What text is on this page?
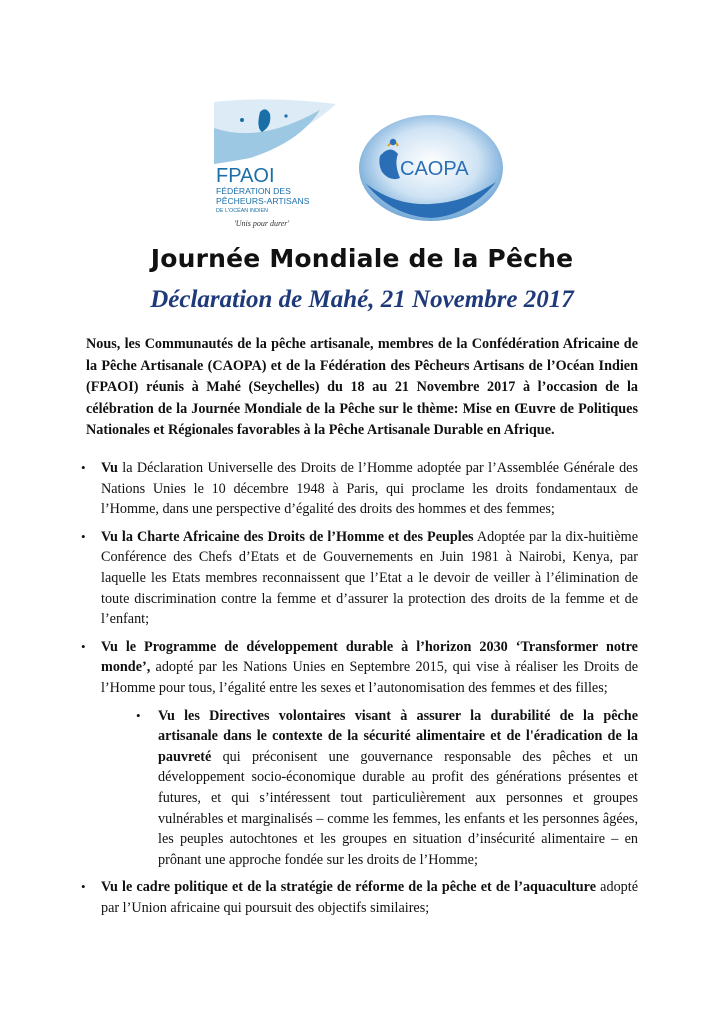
FPAOI
FÉDÉRATION DES
PÊCHEURS-ARTISANS
DE L'OCÉAN INDIEN
'Unis pour durer'
CAOPA
Journée Mondiale de la Pêche
Déclaration de Mahé, 21 Novembre 2017
Nous, les Communautés de la pêche artisanale, membres de la Confédération Africaine de la Pêche Artisanale (CAOPA) et de la Fédération des Pêcheurs Artisans de l’Océan Indien (FPAOI) réunis à Mahé (Seychelles) du 18 au 21 Novembre 2017 à l’occasion de la célébration de la Journée Mondiale de la Pêche sur le thème: Mise en Œuvre de Politiques Nationales et Régionales favorables à la Pêche Artisanale Durable en Afrique.
• Vu la Déclaration Universelle des Droits de l’Homme adoptée par l’Assemblée Générale des Nations Unies le 10 décembre 1948 à Paris, qui proclame les droits fondamentaux de l’Homme, dans une perspective d’égalité des droits des hommes et des femmes;
• Vu la Charte Africaine des Droits de l’Homme et des Peuples Adoptée par la dix-huitième Conférence des Chefs d’Etats et de Gouvernements en Juin 1981 à Nairobi, Kenya, par laquelle les Etats membres reconnaissent que l’Etat a le devoir de veiller à l’élimination de toute discrimination contre la femme et d’assurer la protection des droits de la femme et de l’enfant;
• Vu le Programme de développement durable à l’horizon 2030 ‘Transformer notre monde’, adopté par les Nations Unies en Septembre 2015, qui vise à réaliser les Droits de l’Homme pour tous, l’égalité entre les sexes et l’autonomisation des femmes et des filles;
• Vu les Directives volontaires visant à assurer la durabilité de la pêche artisanale dans le contexte de la sécurité alimentaire et de l'éradication de la pauvreté qui préconisent une gouvernance responsable des pêches et un développement socio-économique durable au profit des générations présentes et futures, et qui s’intéressent tout particulièrement aux personnes et groupes vulnérables et marginalisés – comme les femmes, les enfants et les personnes âgées, les peuples autochtones et les groupes en situation d’insécurité alimentaire – en prônant une approche fondée sur les droits de l’Homme;
• Vu le cadre politique et de la stratégie de réforme de la pêche et de l’aquaculture adopté par l’Union africaine qui poursuit des objectifs similaires;
